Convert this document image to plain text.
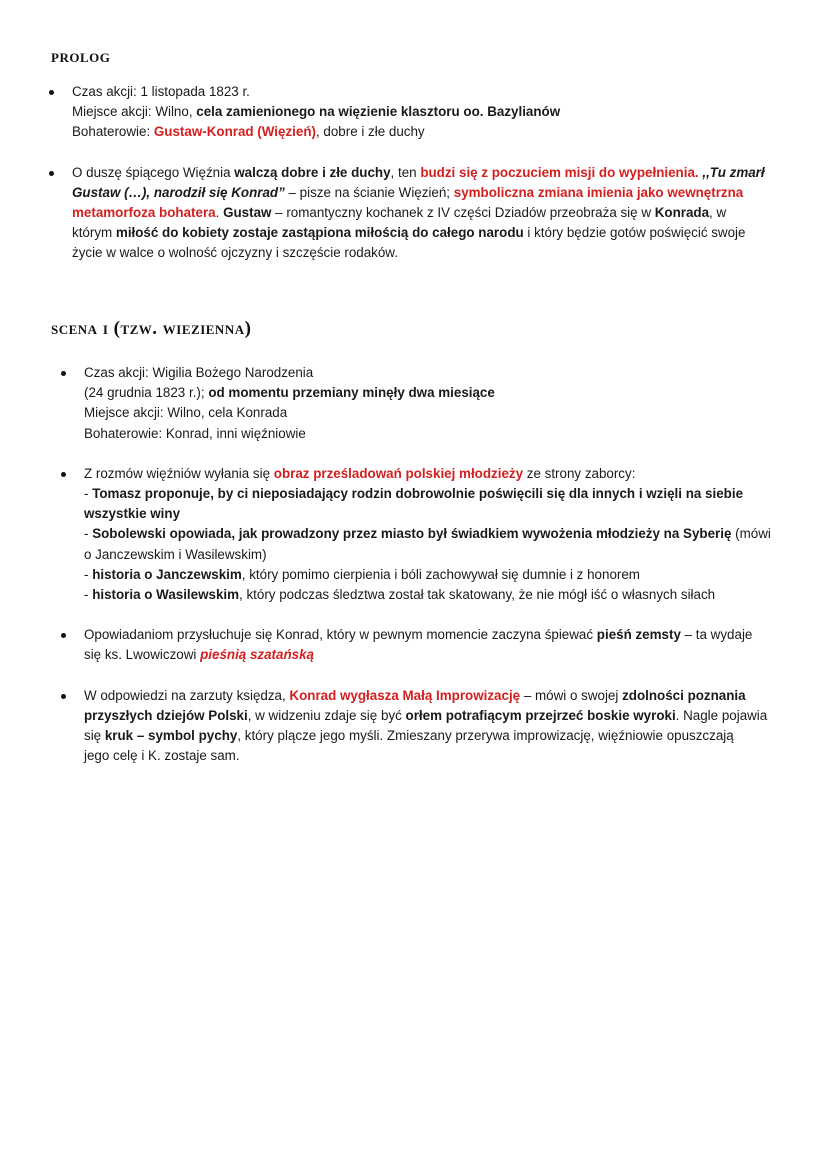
prolog
Czas akcji: 1 listopada 1823 r.
Miejsce akcji: Wilno, cela zamienionego na więzienie klasztoru oo. Bazylianów
Bohaterowie: Gustaw-Konrad (Więzień), dobre i złe duchy
O duszę śpiącego Więźnia walczą dobre i złe duchy, ten budzi się z poczuciem misji do wypełnienia. ,,Tu zmarł
Gustaw (…), narodził się Konrad” – pisze na ścianie Więzień; symboliczna zmiana imienia jako wewnętrzna
metamorfoza bohatera. Gustaw – romantyczny kochanek z IV części Dziadów przeobraża się w Konrada, w
którym miłość do kobiety zostaje zastąpiona miłością do całego narodu i który będzie gotów poświęcić swoje
życie w walce o wolność ojczyzny i szczęście rodaków.
scena i (tzw. wiezienna)
Czas akcji: Wigilia Bożego Narodzenia
(24 grudnia 1823 r.); od momentu przemiany minęły dwa miesiące
Miejsce akcji: Wilno, cela Konrada
Bohaterowie: Konrad, inni więźniowie
Z rozmów więźniów wyłania się obraz prześladowań polskiej młodzieży ze strony zaborcy:
- Tomasz proponuje, by ci nieposiadający rodzin dobrowolnie poświęcili się dla innych i wzięli na siebie
wszystkie winy
- Sobolewski opowiada, jak prowadzony przez miasto był świadkiem wywożenia młodzieży na Syberię (mówi
o Janczewskim i Wasilewskim)
- historia o Janczewskim, który pomimo cierpienia i bóli zachowywał się dumnie i z honorem
- historia o Wasilewskim, który podczas śledztwa został tak skatowany, że nie mógł iść o własnych siłach
Opowiadaniom przysłuchuje się Konrad, który w pewnym momencie zaczyna śpiewać pieśń zemsty – ta wydaje
się ks. Lwowiczowi pieśnią szatańską
W odpowiedzi na zarzuty księdza, Konrad wygłasza Małą Improwizację – mówi o swojej zdolności poznania
przyszłych dziejów Polski, w widzeniu zdaje się być orłem potrafiącym przejrzeć boskie wyroki. Nagle pojawia
się kruk – symbol pychy, który plącze jego myśli. Zmieszany przerywa improwizację, więźniowie opuszczają
jego celę i K. zostaje sam.
